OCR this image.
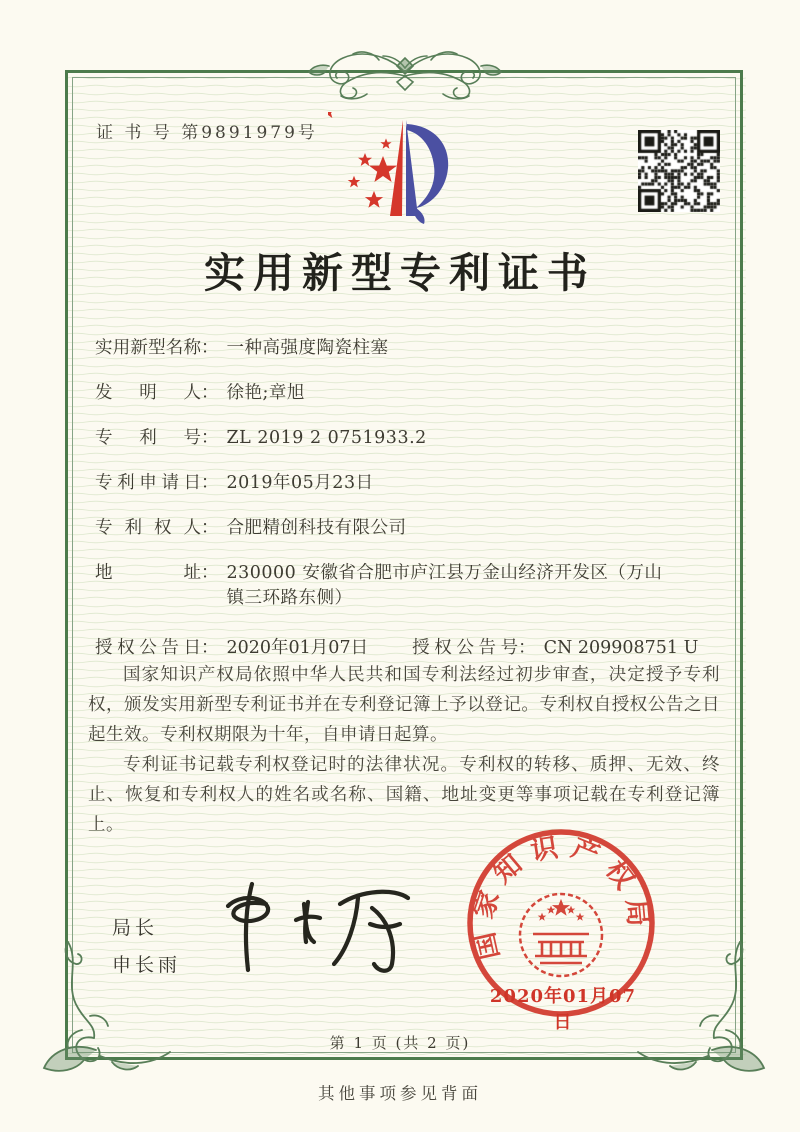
证 书 号 第9891979号
实用新型专利证书
实用新型名称 ： 一种高强度陶瓷柱塞
发明人 ： 徐艳;章旭
专利号 ： ZL 2019 2 0751933.2
专利申请日 ： 2019年05月23日
专利权人 ： 合肥精创科技有限公司
地址 ： 230000 安徽省合肥市庐江县万金山经济开发区（万山镇三环路东侧）
授权公告日 ： 2020年01月07日	授权公告号 ： CN 209908751 U

国家知识产权局依照中华人民共和国专利法经过初步审查，决定授予专利权，颁发实用新型专利证书并在专利登记簿上予以登记。专利权自授权公告之日起生效。专利权期限为十年，自申请日起算。

专利证书记载专利权登记时的法律状况。专利权的转移、质押、无效、终止、恢复和专利权人的姓名或名称、国籍、地址变更等事项记载在专利登记簿上。

局长
申长雨
国家知识产权局
2020年01月07日
第 1 页 (共 2 页)
其他事项参见背面
